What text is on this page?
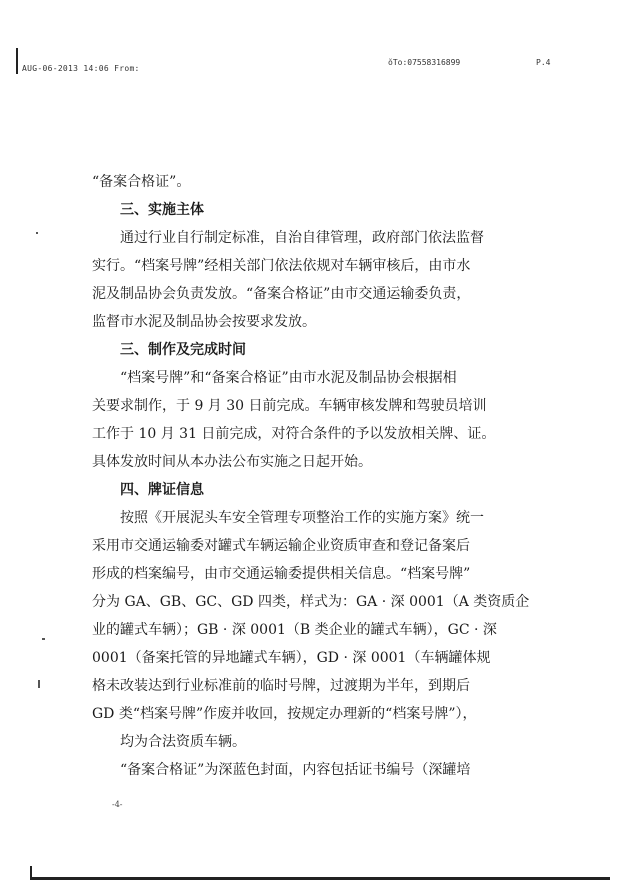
AUG-06-2013 14:06 From:
ŏTo:07558316899	P.4
“备案合格证”。
三、实施主体
通过行业自行制定标准，自治自律管理，政府部门依法监督
实行。“档案号牌”经相关部门依法依规对车辆审核后，由市水
泥及制品协会负责发放。“备案合格证”由市交通运输委负责，
监督市水泥及制品协会按要求发放。
三、制作及完成时间
“档案号牌”和“备案合格证”由市水泥及制品协会根据相
关要求制作，于 9 月 30 日前完成。车辆审核发牌和驾驶员培训
工作于 10 月 31 日前完成，对符合条件的予以发放相关牌、证。
具体发放时间从本办法公布实施之日起开始。
四、牌证信息
按照《开展泥头车安全管理专项整治工作的实施方案》统一
采用市交通运输委对罐式车辆运输企业资质审查和登记备案后
形成的档案编号，由市交通运输委提供相关信息。“档案号牌”
分为 GA、GB、GC、GD 四类，样式为：GA · 深 0001（A 类资质企
业的罐式车辆）；GB · 深 0001（B 类企业的罐式车辆），GC · 深
0001（备案托管的异地罐式车辆），GD · 深 0001（车辆罐体规
格未改装达到行业标准前的临时号牌，过渡期为半年，到期后
GD 类“档案号牌”作废并收回，按规定办理新的“档案号牌”），
均为合法资质车辆。
“备案合格证”为深蓝色封面，内容包括证书编号（深罐培
-4-
